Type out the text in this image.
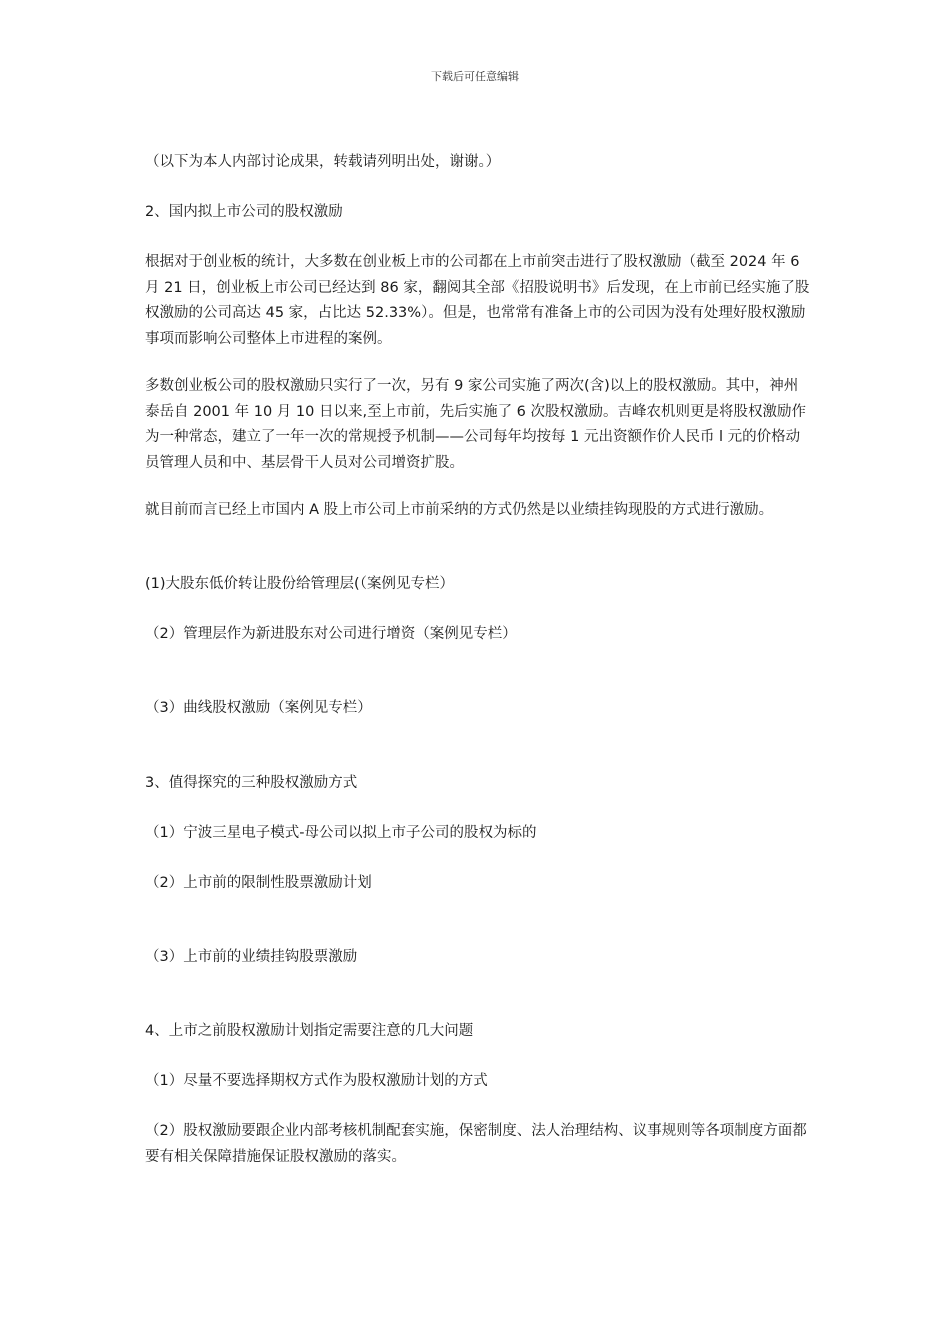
下载后可任意编辑

（以下为本人内部讨论成果，转载请列明出处，谢谢。）

2、国内拟上市公司的股权激励

根据对于创业板的统计，大多数在创业板上市的公司都在上市前突击进行了股权激励（截至 2024 年 6 月 21 日，创业板上市公司已经达到 86 家，翻阅其全部《招股说明书》后发现，在上市前已经实施了股权激励的公司高达 45 家，占比达 52.33%）。但是，也常常有准备上市的公司因为没有处理好股权激励事项而影响公司整体上市进程的案例。

多数创业板公司的股权激励只实行了一次，另有 9 家公司实施了两次(含)以上的股权激励。其中，神州泰岳自 2001 年 10 月 10 日以来,至上市前，先后实施了 6 次股权激励。吉峰农机则更是将股权激励作为一种常态，建立了一年一次的常规授予机制——公司每年均按每 1 元出资额作价人民币 l 元的价格动员管理人员和中、基层骨干人员对公司增资扩股。

就目前而言已经上市国内 A 股上市公司上市前采纳的方式仍然是以业绩挂钩现股的方式进行激励。

(1)大股东低价转让股份给管理层(（案例见专栏）

（2）管理层作为新进股东对公司进行增资（案例见专栏）

（3）曲线股权激励（案例见专栏）

3、值得探究的三种股权激励方式

（1）宁波三星电子模式-母公司以拟上市子公司的股权为标的

（2）上市前的限制性股票激励计划

（3）上市前的业绩挂钩股票激励

4、上市之前股权激励计划指定需要注意的几大问题

（1）尽量不要选择期权方式作为股权激励计划的方式

（2）股权激励要跟企业内部考核机制配套实施，保密制度、法人治理结构、议事规则等各项制度方面都要有相关保障措施保证股权激励的落实。
